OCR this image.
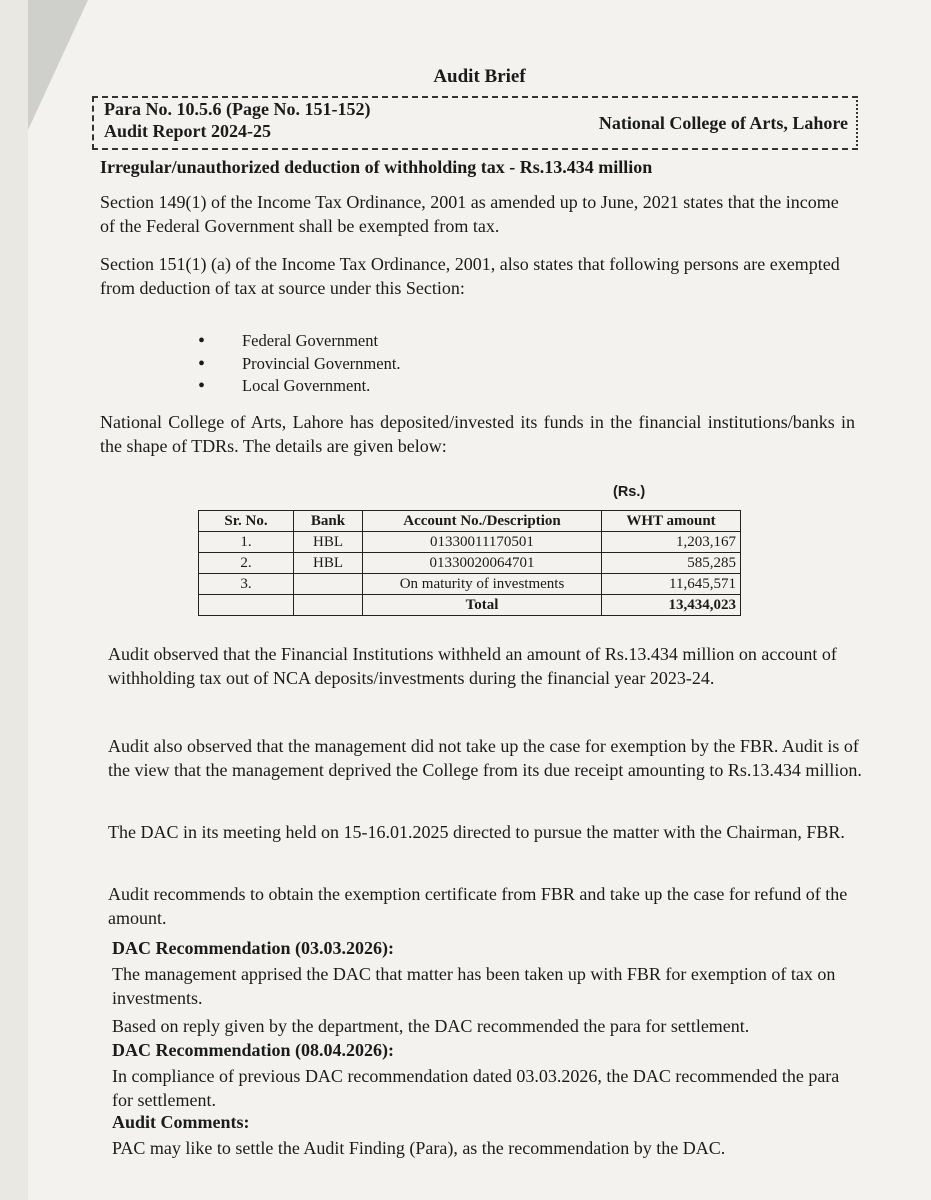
Audit Brief
Para No. 10.5.6 (Page No. 151-152)
Audit Report 2024-25	National College of Arts, Lahore
Irregular/unauthorized deduction of withholding tax - Rs.13.434 million
Section 149(1) of the Income Tax Ordinance, 2001 as amended up to June, 2021 states that the income of the Federal Government shall be exempted from tax.
Section 151(1) (a) of the Income Tax Ordinance, 2001, also states that following persons are exempted from deduction of tax at source under this Section:
• Federal Government
• Provincial Government.
• Local Government.
National College of Arts, Lahore has deposited/invested its funds in the financial institutions/banks in the shape of TDRs. The details are given below:
(Rs.)
Sr. No.	Bank	Account No./Description	WHT amount
1.	HBL	01330011170501	1,203,167
2.	HBL	01330020064701	585,285
3.		On maturity of investments	11,645,571
		Total	13,434,023
Audit observed that the Financial Institutions withheld an amount of Rs.13.434 million on account of withholding tax out of NCA deposits/investments during the financial year 2023-24.
Audit also observed that the management did not take up the case for exemption by the FBR. Audit is of the view that the management deprived the College from its due receipt amounting to Rs.13.434 million.
The DAC in its meeting held on 15-16.01.2025 directed to pursue the matter with the Chairman, FBR.
Audit recommends to obtain the exemption certificate from FBR and take up the case for refund of the amount.
DAC Recommendation (03.03.2026):
The management apprised the DAC that matter has been taken up with FBR for exemption of tax on investments.
Based on reply given by the department, the DAC recommended the para for settlement.
DAC Recommendation (08.04.2026):
In compliance of previous DAC recommendation dated 03.03.2026, the DAC recommended the para for settlement.
Audit Comments:
PAC may like to settle the Audit Finding (Para), as the recommendation by the DAC.
